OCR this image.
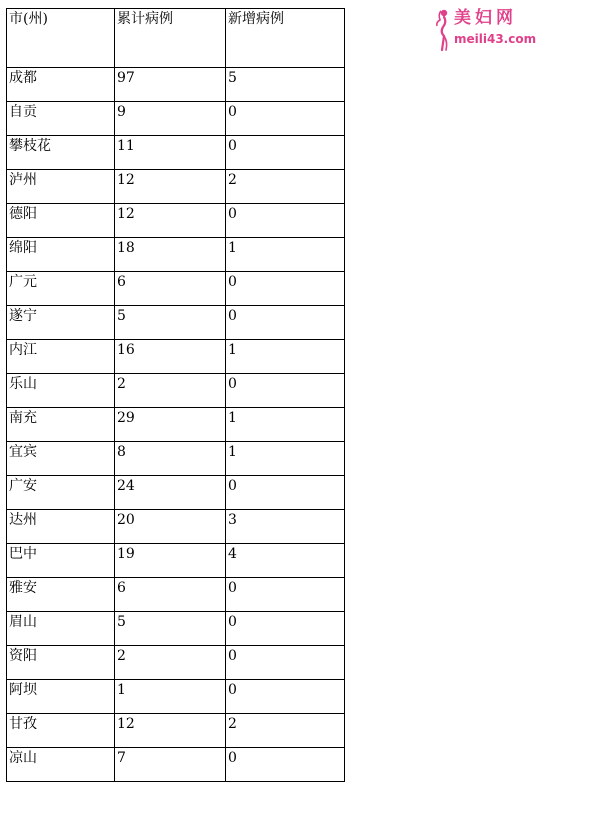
市(州)	累计病例	新增病例
成都	97	5
自贡	9	0
攀枝花	11	0
泸州	12	2
德阳	12	0
绵阳	18	1
广元	6	0
遂宁	5	0
内江	16	1
乐山	2	0
南充	29	1
宜宾	8	1
广安	24	0
达州	20	3
巴中	19	4
雅安	6	0
眉山	5	0
资阳	2	0
阿坝	1	0
甘孜	12	2
凉山	7	0
美妇网
meili43.com
